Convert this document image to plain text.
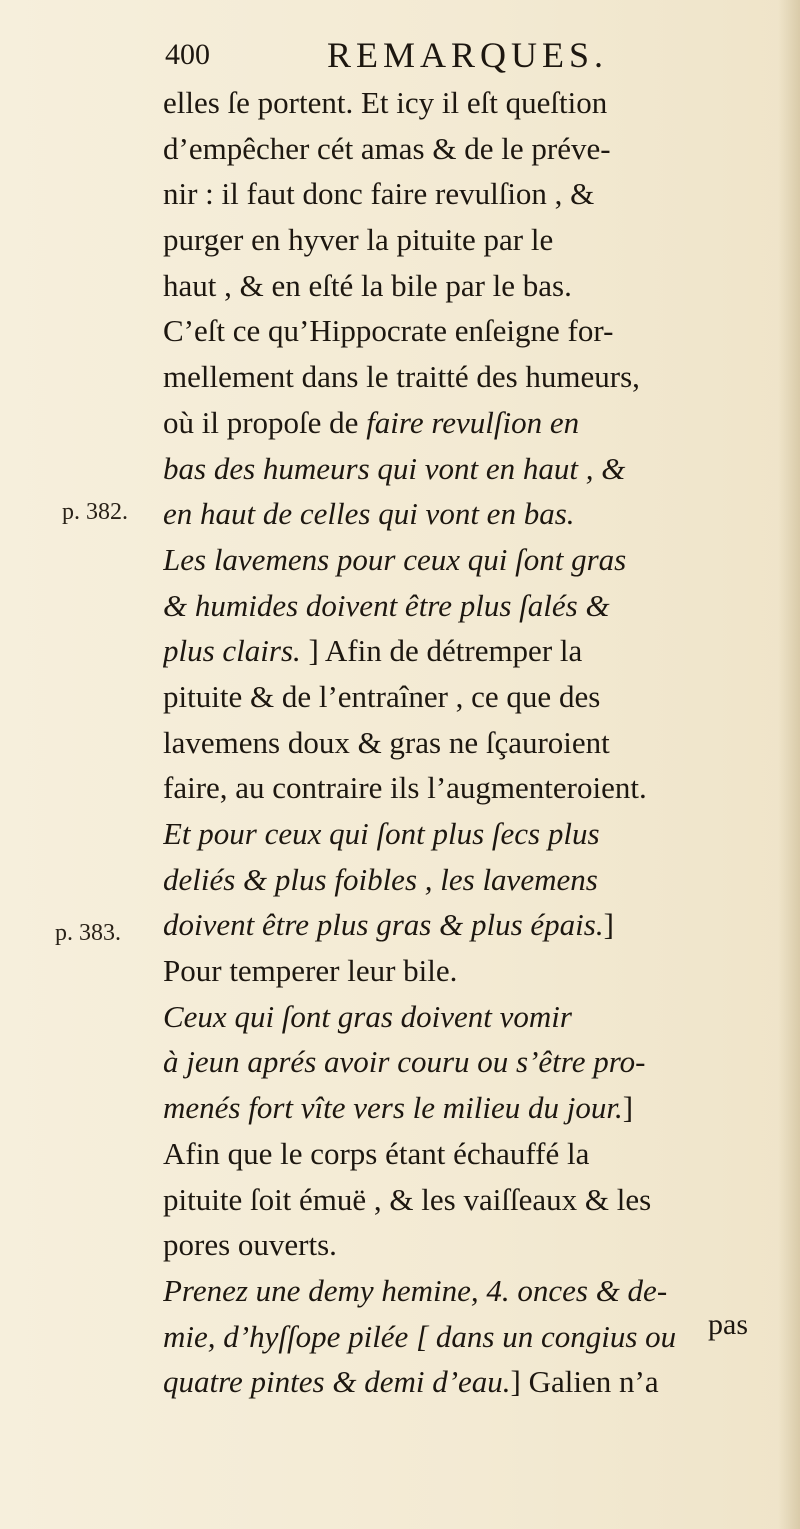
400	REMARQUES.
p. 382.
p. 383.
elles ſe portent. Et icy il eſt queſtion
d’empêcher cét amas & de le préve-
nir : il faut donc faire revulſion , &
purger en hyver la pituite par le
haut , & en eſté la bile par le bas.
C’eſt ce qu’Hippocrate enſeigne for-
mellement dans le traitté des humeurs,
où il propoſe de faire revulſion en
bas des humeurs qui vont en haut , &
en haut de celles qui vont en bas.
Les lavemens pour ceux qui ſont gras
& humides doivent être plus ſalés &
plus clairs. ] Afin de détremper la
pituite & de l’entraîner , ce que des
lavemens doux & gras ne ſçauroient
faire, au contraire ils l’augmenteroient.
Et pour ceux qui ſont plus ſecs plus
deliés & plus foibles , les lavemens
doivent être plus gras & plus épais.]
Pour temperer leur bile.
Ceux qui ſont gras doivent vomir
à jeun aprés avoir couru ou s’être pro-
menés fort vîte vers le milieu du jour.]
Afin que le corps étant échauffé la
pituite ſoit émuë , & les vaiſſeaux & les
pores ouverts.
Prenez une demy hemine, 4. onces & de-
mie, d’hyſſope pilée [ dans un congius ou
quatre pintes & demi d’eau.] Galien n’a
pas
